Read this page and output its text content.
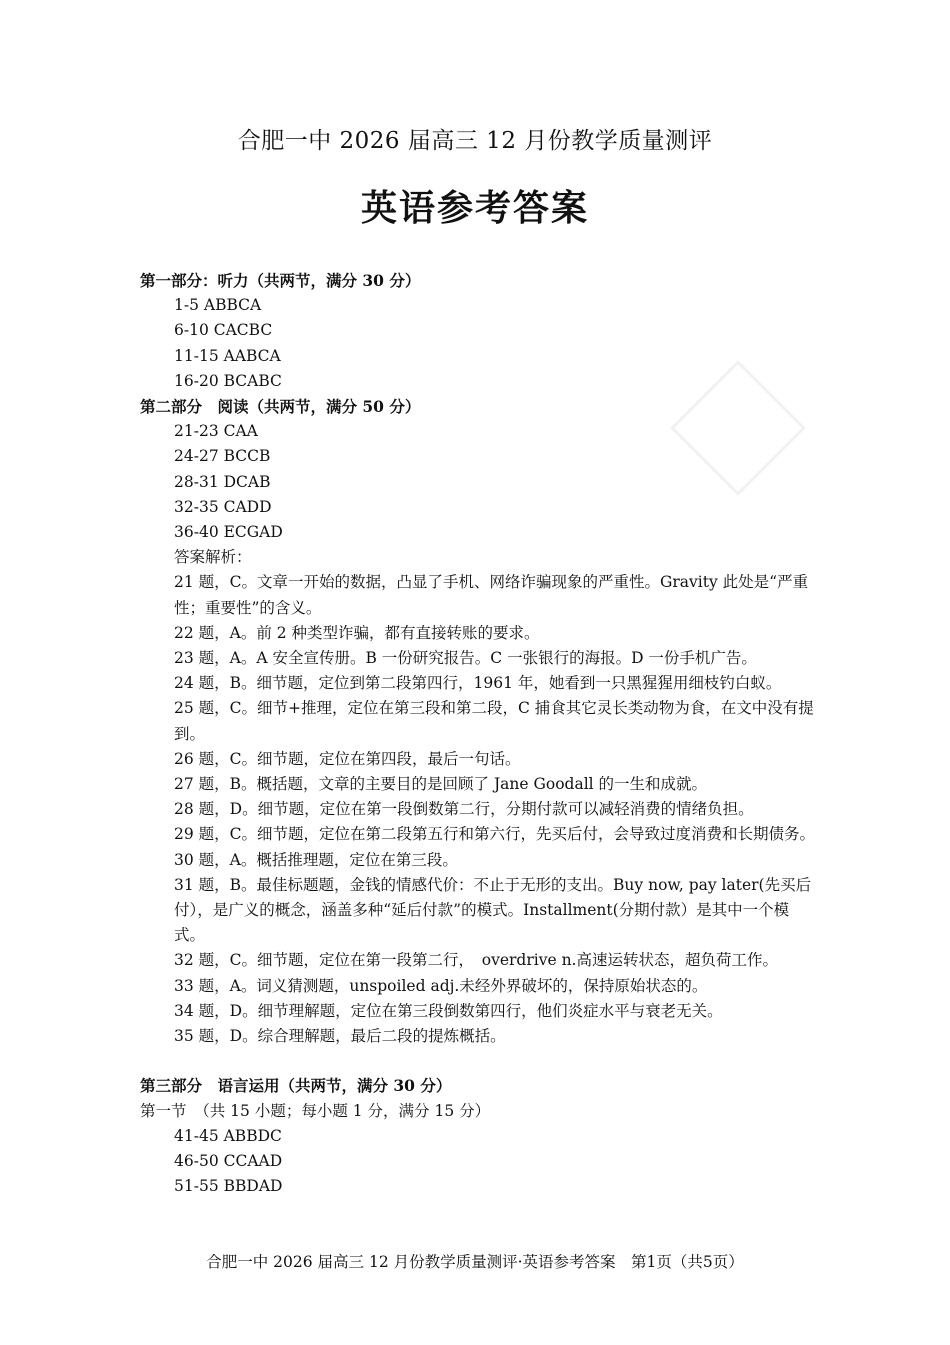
合肥一中 2026 届高三 12 月份教学质量测评
英语参考答案
第一部分：听力（共两节，满分 30 分）
1-5 ABBCA
6-10 CACBC
11-15 AABCA
16-20 BCABC
第二部分　阅读（共两节，满分 50 分）
21-23 CAA
24-27 BCCB
28-31 DCAB
32-35 CADD
36-40 ECGAD
答案解析：
21 题，C。文章一开始的数据，凸显了手机、网络诈骗现象的严重性。Gravity 此处是“严重性；重要性”的含义。
22 题，A。前 2 种类型诈骗，都有直接转账的要求。
23 题，A。A 安全宣传册。B 一份研究报告。C 一张银行的海报。D 一份手机广告。
24 题，B。细节题，定位到第二段第四行，1961 年，她看到一只黑猩猩用细枝钓白蚁。
25 题，C。细节+推理，定位在第三段和第二段，C 捕食其它灵长类动物为食，在文中没有提到。
26 题，C。细节题，定位在第四段，最后一句话。
27 题，B。概括题，文章的主要目的是回顾了 Jane Goodall 的一生和成就。
28 题，D。细节题，定位在第一段倒数第二行，分期付款可以减轻消费的情绪负担。
29 题，C。细节题，定位在第二段第五行和第六行，先买后付，会导致过度消费和长期债务。
30 题，A。概括推理题，定位在第三段。
31 题，B。最佳标题题，金钱的情感代价：不止于无形的支出。Buy now, pay later(先买后付），是广义的概念，涵盖多种“延后付款”的模式。Installment(分期付款）是其中一个模式。
32 题，C。细节题，定位在第一段第二行，　overdrive n.高速运转状态，超负荷工作。
33 题，A。词义猜测题，unspoiled adj.未经外界破坏的，保持原始状态的。
34 题，D。细节理解题，定位在第三段倒数第四行，他们炎症水平与衰老无关。
35 题，D。综合理解题，最后二段的提炼概括。
第三部分　语言运用（共两节，满分 30 分）
第一节　（共 15 小题；每小题 1 分，满分 15 分）
41-45 ABBDC
46-50 CCAAD
51-55 BBDAD
合肥一中 2026 届高三 12 月份教学质量测评·英语参考答案　第1页（共5页）
